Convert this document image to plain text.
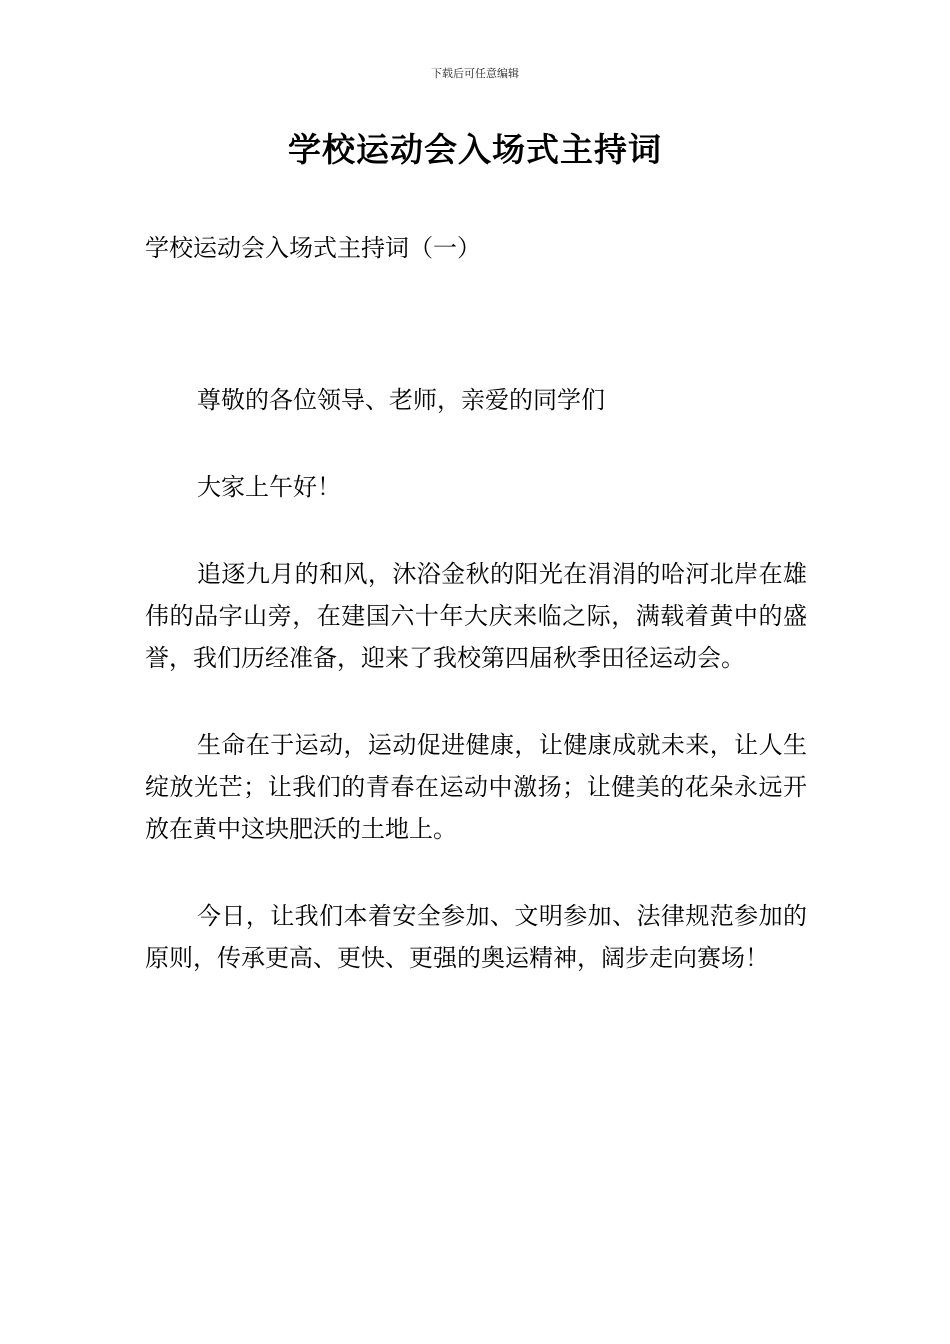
下载后可任意编辑
学校运动会入场式主持词
学校运动会入场式主持词（一）

尊敬的各位领导、老师，亲爱的同学们

大家上午好！

追逐九月的和风，沐浴金秋的阳光在涓涓的哈河北岸在雄伟的品字山旁，在建国六十年大庆来临之际，满载着黄中的盛誉，我们历经准备，迎来了我校第四届秋季田径运动会。

生命在于运动，运动促进健康，让健康成就未来，让人生绽放光芒；让我们的青春在运动中激扬；让健美的花朵永远开放在黄中这块肥沃的土地上。

今日，让我们本着安全参加、文明参加、法律规范参加的原则，传承更高、更快、更强的奥运精神，阔步走向赛场！
